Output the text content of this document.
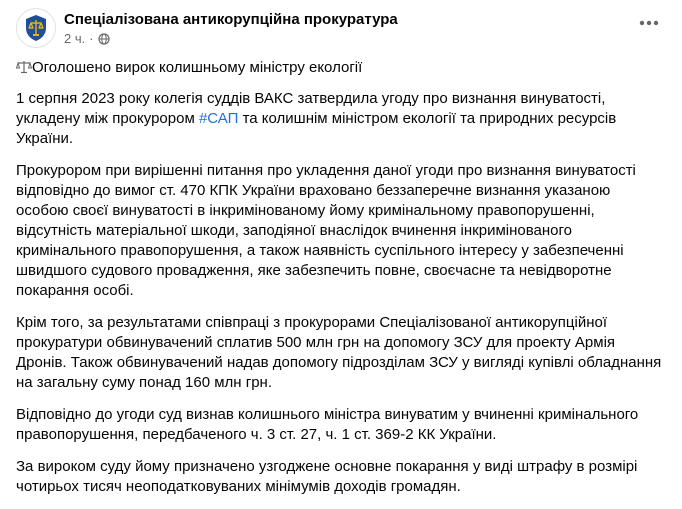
Спеціалізована антикорупційна прокуратура
2 ч. ·

Оголошено вирок колишньому міністру екології

1 серпня 2023 року колегія суддів ВАКС затвердила угоду про визнання винуватості, укладену між прокурором #САП та колишнім міністром екології та природних ресурсів України.

Прокурором при вирішенні питання про укладення даної угоди про визнання винуватості відповідно до вимог ст. 470 КПК України враховано беззаперечне визнання указаною особою своєї винуватості в інкримінованому йому кримінальному правопорушенні, відсутність матеріальної шкоди, заподіяної внаслідок вчинення інкримінованого кримінального правопорушення, а також наявність суспільного інтересу у забезпеченні швидшого судового провадження, яке забезпечить повне, своєчасне та невідворотне покарання особі.

Крім того, за результатами співпраці з прокурорами Спеціалізованої антикорупційної прокуратури обвинувачений сплатив 500 млн грн на допомогу ЗСУ для проекту Армія Дронів. Також обвинувачений надав допомогу підрозділам ЗСУ у вигляді купівлі обладнання на загальну суму понад 160 млн грн.

Відповідно до угоди суд визнав колишнього міністра винуватим у вчиненні кримінального правопорушення, передбаченого ч. 3 ст. 27, ч. 1 ст. 369-2 КК України.

За вироком суду йому призначено узгоджене основне покарання у виді штрафу в розмірі чотирьох тисяч неоподатковуваних мінімумів доходів громадян.
